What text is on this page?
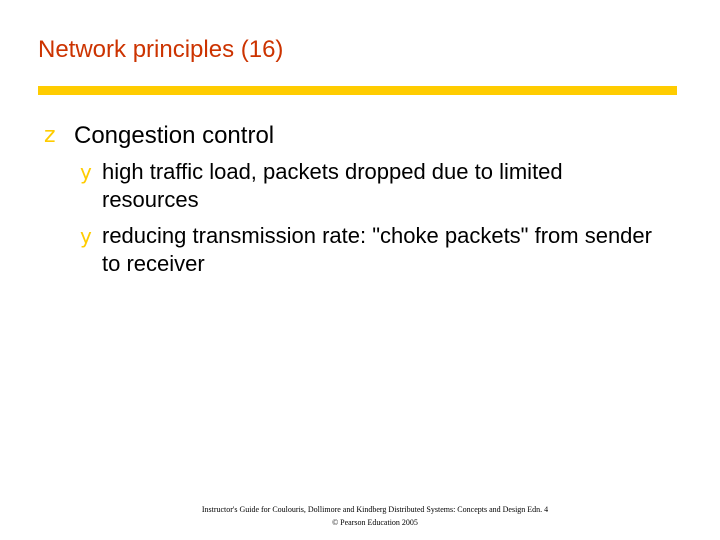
Network principles (16)
z Congestion control
y high traffic load, packets dropped due to limited resources
y reducing transmission rate: "choke packets" from sender to receiver
Instructor's Guide for Coulouris, Dollimore and Kindberg Distributed Systems: Concepts and Design Edn. 4
© Pearson Education 2005
